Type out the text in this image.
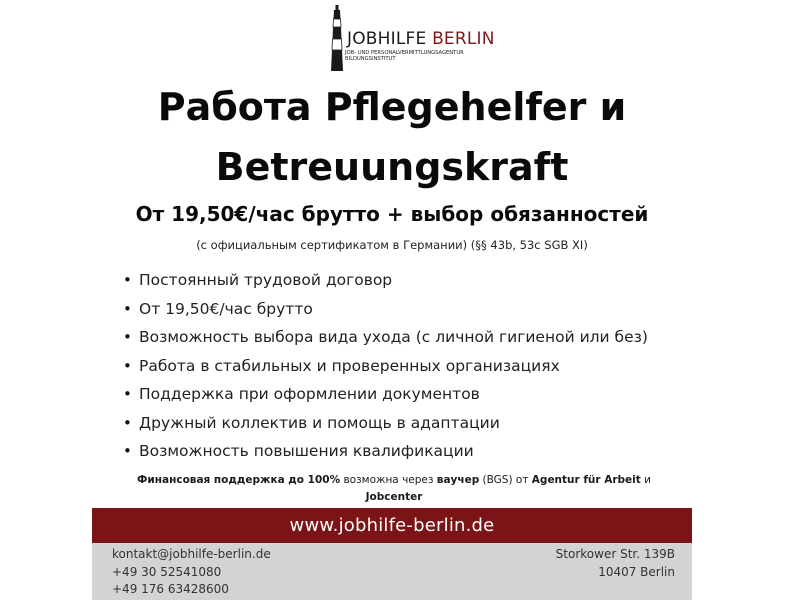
JOBHILFE BERLIN
JOB- UND PERSONALVERMITTLUNGSAGENTUR
BILDUNGSINSTITUT
Работа Pflegehelfer и
Betreuungskraft
От 19,50€/час брутто + выбор обязанностей
(с официальным сертификатом в Германии) (§§ 43b, 53c SGB XI)
• Постоянный трудовой договор
• От 19,50€/час брутто
• Возможность выбора вида ухода (с личной гигиеной или без)
• Работа в стабильных и проверенных организациях
• Поддержка при оформлении документов
• Дружный коллектив и помощь в адаптации
• Возможность повышения квалификации
Финансовая поддержка до 100% возможна через ваучер (BGS) от Agentur für Arbeit и
Jobcenter
www.jobhilfe-berlin.de
kontakt@jobhilfe-berlin.de
+49 30 52541080
+49 176 63428600
Storkower Str. 139B
10407 Berlin
